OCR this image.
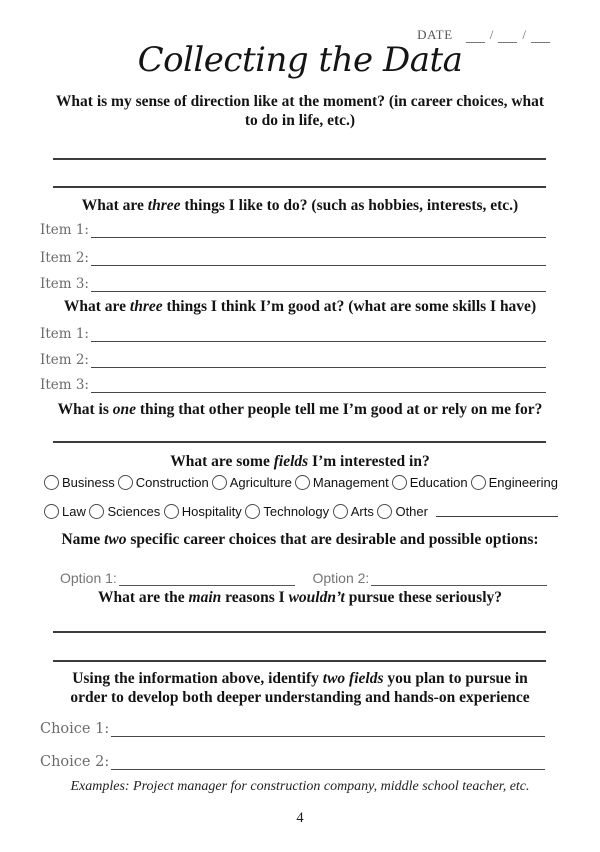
DATE	/ /
Collecting the Data
What is my sense of direction like at the moment? (in career choices, what
to do in life, etc.)
What are three things I like to do? (such as hobbies, interests, etc.)
Item 1:
Item 2:
Item 3:
What are three things I think I’m good at? (what are some skills I have)
Item 1:
Item 2:
Item 3:
What is one thing that other people tell me I’m good at or rely on me for?
What are some fields I’m interested in?
Business Construction Agriculture Management Education Engineering
Law Sciences Hospitality Technology Arts Other
Name two specific career choices that are desirable and possible options:
Option 1:	Option 2:
What are the main reasons I wouldn’t pursue these seriously?
Using the information above, identify two fields you plan to pursue in
order to develop both deeper understanding and hands-on experience
Choice 1:
Choice 2:
Examples: Project manager for construction company, middle school teacher, etc.
4
